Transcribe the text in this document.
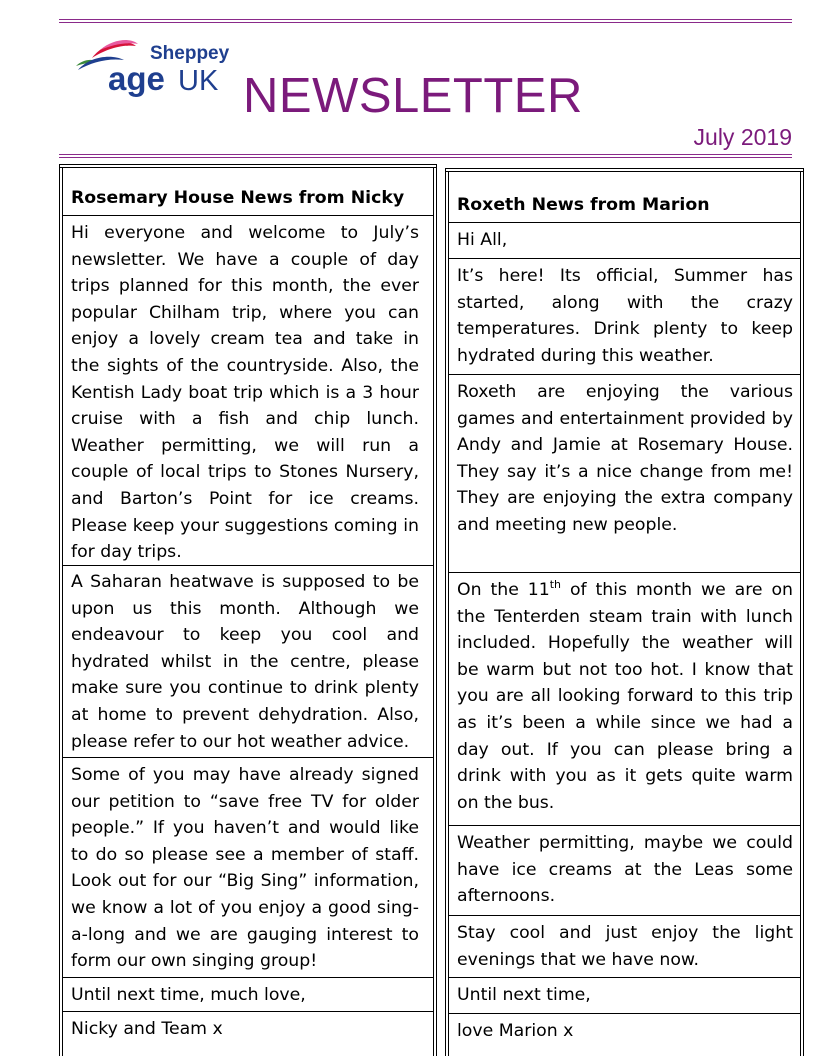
Sheppey
age UK NEWSLETTER
July 2019

Rosemary House News from Nicky

Hi everyone and welcome to July’s newsletter. We have a couple of day trips planned for this month, the ever popular Chilham trip, where you can enjoy a lovely cream tea and take in the sights of the countryside. Also, the Kentish Lady boat trip which is a 3 hour cruise with a fish and chip lunch. Weather permitting, we will run a couple of local trips to Stones Nursery, and Barton’s Point for ice creams. Please keep your suggestions coming in for day trips.

A Saharan heatwave is supposed to be upon us this month. Although we endeavour to keep you cool and hydrated whilst in the centre, please make sure you continue to drink plenty at home to prevent dehydration. Also, please refer to our hot weather advice.

Some of you may have already signed our petition to “save free TV for older people.” If you haven’t and would like to do so please see a member of staff. Look out for our “Big Sing” information, we know a lot of you enjoy a good sing-a-long and we are gauging interest to form our own singing group!

Until next time, much love,

Nicky and Team x

Roxeth News from Marion

Hi All,

It’s here! Its official, Summer has started, along with the crazy temperatures. Drink plenty to keep hydrated during this weather.

Roxeth are enjoying the various games and entertainment provided by Andy and Jamie at Rosemary House. They say it’s a nice change from me! They are enjoying the extra company and meeting new people.

On the 11th of this month we are on the Tenterden steam train with lunch included. Hopefully the weather will be warm but not too hot. I know that you are all looking forward to this trip as it’s been a while since we had a day out. If you can please bring a drink with you as it gets quite warm on the bus.

Weather permitting, maybe we could have ice creams at the Leas some afternoons.

Stay cool and just enjoy the light evenings that we have now.

Until next time,

love Marion x
